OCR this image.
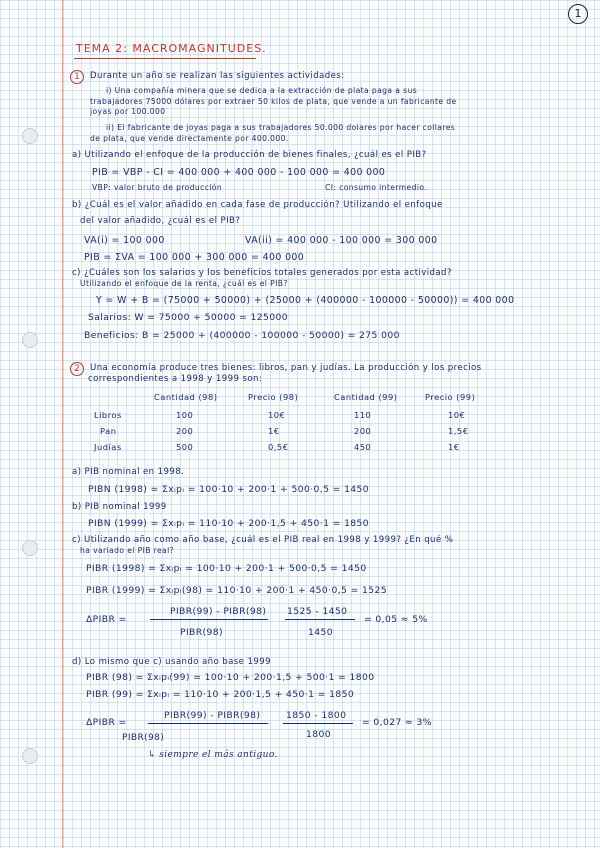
1
TEMA 2: MACROMAGNITUDES.
1	Durante un año se realizan las siguientes actividades:
i) Una compañía minera que se dedica a la extracción de plata paga a sus
trabajadores 75000 dólares por extraer 50 kilos de plata, que vende a un fabricante de
joyas por 100.000
ii) El fabricante de joyas paga a sus trabajadores 50.000 dolares por hacer collares
de plata, que vende directamente por 400.000.
a) Utilizando el enfoque de la producción de bienes finales, ¿cuál es el PIB?
PIB = VBP - CI = 400 000 + 400 000 - 100 000 = 400 000
VBP: valor bruto de producción	CI: consumo intermedio.
b) ¿Cuál es el valor añadido en cada fase de producción? Utilizando el enfoque
del valor añadido, ¿cuál es el PIB?
VA(i) = 100 000	VA(ii) = 400 000 - 100 000 = 300 000
PIB = ΣVA = 100 000 + 300 000 = 400 000
c) ¿Cuáles son los salarios y los beneficios totales generados por esta actividad?
Utilizando el enfoque de la renta, ¿cuál es el PIB?
Y = W + B = (75000 + 50000) + (25000 + (400000 - 100000 - 50000)) = 400 000
Salarios: W = 75000 + 50000 = 125000
Beneficios: B = 25000 + (400000 - 100000 - 50000) = 275 000
2	Una economía produce tres bienes: libros, pan y judías. La producción y los precios
correspondientes a 1998 y 1999 son:
Cantidad (98)	Precio (98)	Cantidad (99)	Precio (99)
Libros	100	10€	110	10€
Pan	200	1€	200	1,5€
Judías	500	0,5€	450	1€
a) PIB nominal en 1998.
PIBN (1998) = Σxᵢpᵢ = 100·10 + 200·1 + 500·0,5 = 1450
b) PIB nominal 1999
PIBN (1999) = Σxᵢpᵢ = 110·10 + 200·1,5 + 450·1 = 1850
c) Utilizando año como año base, ¿cuál es el PIB real en 1998 y 1999? ¿En qué %
ha variado el PIB real?
PIBR (1998) = Σxᵢpᵢ = 100·10 + 200·1 + 500·0,5 = 1450
PIBR (1999) = Σxᵢpᵢ(98) = 110·10 + 200·1 + 450·0,5 = 1525
ΔPIBR =
PIBR(99) - PIBR(98)
PIBR(98)
1525 - 1450
1450
= 0,05 ≈ 5%
d) Lo mismo que c) usando año base 1999
PIBR (98) = Σxᵢpᵢ(99) = 100·10 + 200·1,5 + 500·1 = 1800
PIBR (99) = Σxᵢpᵢ = 110·10 + 200·1,5 + 450·1 = 1850
ΔPIBR =
PIBR(99) - PIBR(98)	1850 - 1800
1800
= 0,027 ≈ 3%
PIBR(98)
↳ siempre el más antiguo.
